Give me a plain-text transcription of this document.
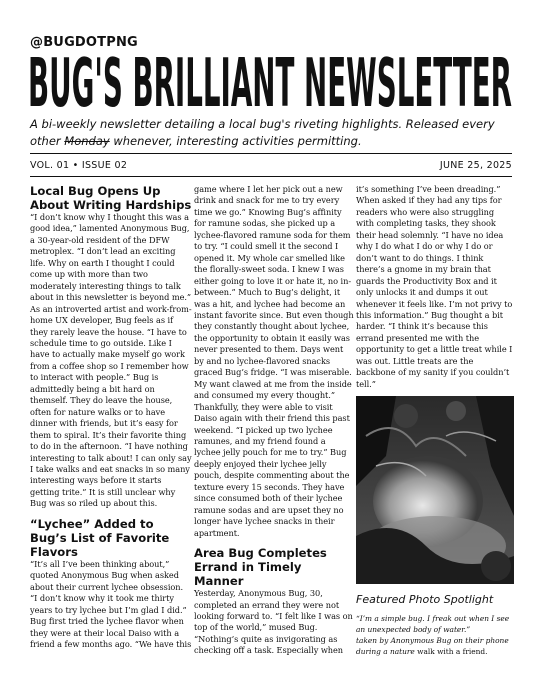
@BUGDOTPNG
BUG'S BRILLIANT NEWSLETTER
A bi-weekly newsletter detailing a local bug's riveting highlights. Released every other Monday whenever, interesting activities permitting.
VOL. 01 • ISSUE 02	JUNE 25, 2025
Local Bug Opens Up About Writing Hardships

“I don’t know why I thought this was a good idea,” lamented Anonymous Bug, a 30-year-old resident of the DFW metroplex. “I don’t lead an exciting life. Why on earth I thought I could come up with more than two moderately interesting things to talk about in this newsletter is beyond me.” As an introverted artist and work-from-home UX developer, Bug feels as if they rarely leave the house. “I have to schedule time to go outside. Like I have to actually make myself go work from a coffee shop so I remember how to interact with people.” Bug is admittedly being a bit hard on themself. They do leave the house, often for nature walks or to have dinner with friends, but it’s easy for them to spiral. It’s their favorite thing to do in the afternoon. “I have nothing interesting to talk about! I can only say I take walks and eat snacks in so many interesting ways before it starts getting trite.” It is still unclear why Bug was so riled up about this.

“Lychee” Added to Bug’s List of Favorite Flavors

“It’s all I’ve been thinking about,” quoted Anonymous Bug when asked about their current lychee obsession. “I don’t know why it took me thirty years to try lychee but I’m glad I did.” Bug first tried the lychee flavor when they were at their local Daiso with a friend a few months ago. “We have this

game where I let her pick out a new drink and snack for me to try every time we go.” Knowing Bug’s affinity for ramune sodas, she picked up a lychee-flavored ramune soda for them to try. “I could smell it the second I opened it. My whole car smelled like the florally-sweet soda. I knew I was either going to love it or hate it, no in-between.” Much to Bug’s delight, it was a hit, and lychee had become an instant favorite since. But even though they constantly thought about lychee, the opportunity to obtain it easily was never presented to them. Days went by and no lychee-flavored snacks graced Bug’s fridge. “I was miserable. My want clawed at me from the inside and consumed my every thought.” Thankfully, they were able to visit Daiso again with their friend this past weekend. “I picked up two lychee ramunes, and my friend found a lychee jelly pouch for me to try.” Bug deeply enjoyed their lychee jelly pouch, despite commenting about the texture every 15 seconds. They have since consumed both of their lychee ramune sodas and are upset they no longer have lychee snacks in their apartment.

Area Bug Completes Errand in Timely Manner

Yesterday, Anonymous Bug, 30, completed an errand they were not looking forward to. “I felt like I was on top of the world,” mused Bug. “Nothing’s quite as invigorating as checking off a task. Especially when

it’s something I’ve been dreading.” When asked if they had any tips for readers who were also struggling with completing tasks, they shook their head solemnly. “I have no idea why I do what I do or why I do or don’t want to do things. I think there’s a gnome in my brain that guards the Productivity Box and it only unlocks it and dumps it out whenever it feels like. I’m not privy to this information.” Bug thought a bit harder. “I think it’s because this errand presented me with the opportunity to get a little treat while I was out. Little treats are the backbone of my sanity if you couldn’t tell.”

Featured Photo Spotlight
“I’m a simple bug. I freak out when I see an unexpected body of water.”
taken by Anonymous Bug on their phone during a nature walk with a friend.
